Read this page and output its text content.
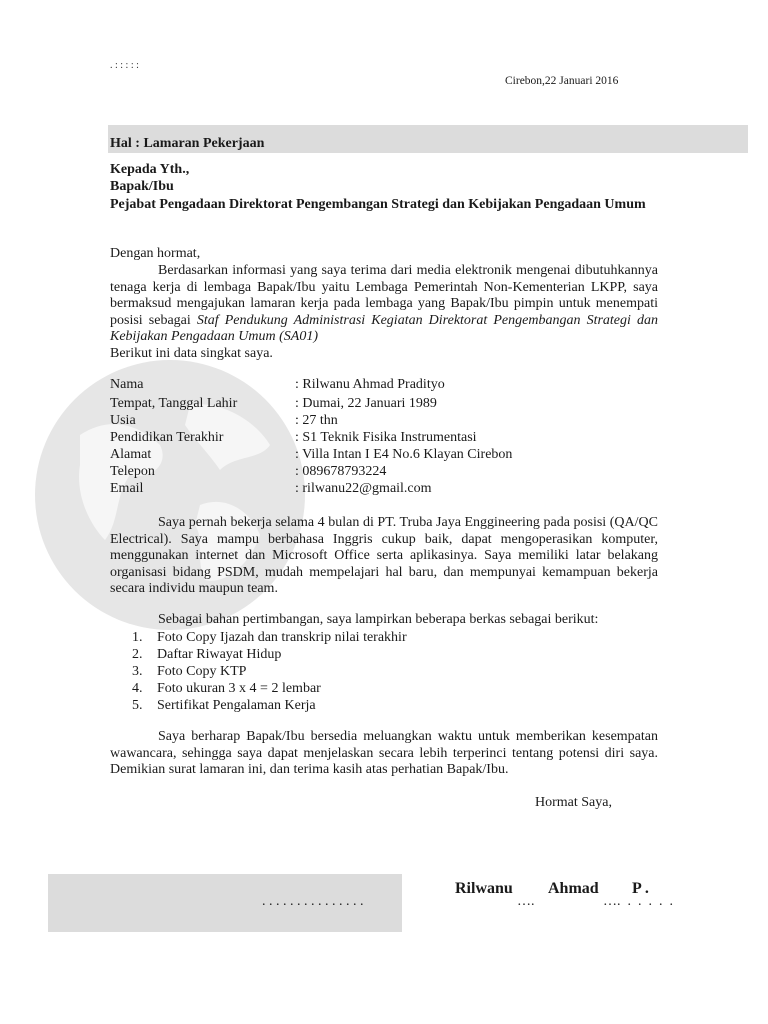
. : : : : :
Cirebon,22 Januari 2016
Hal : Lamaran Pekerjaan
Kepada Yth.,
Bapak/Ibu
Pejabat Pengadaan Direktorat Pengembangan Strategi dan Kebijakan Pengadaan Umum
Dengan hormat,
Berdasarkan informasi yang saya terima dari media elektronik mengenai dibutuhkannya tenaga kerja di lembaga Bapak/Ibu yaitu Lembaga Pemerintah Non-Kementerian LKPP, saya bermaksud mengajukan lamaran kerja pada lembaga yang Bapak/Ibu pimpin untuk menempati posisi sebagai Staf Pendukung Administrasi Kegiatan Direktorat Pengembangan Strategi dan Kebijakan Pengadaan Umum (SA01)
Berikut ini data singkat saya.
Nama	: Rilwanu Ahmad Pradityo
Tempat, Tanggal Lahir	: Dumai, 22 Januari 1989
Usia	: 27 thn
Pendidikan Terakhir	: S1 Teknik Fisika Instrumentasi
Alamat	: Villa Intan I E4 No.6 Klayan Cirebon
Telepon	: 089678793224
Email	: rilwanu22@gmail.com
Saya pernah bekerja selama 4 bulan di PT. Truba Jaya Enggineering pada posisi (QA/QC Electrical). Saya mampu berbahasa Inggris cukup baik, dapat mengoperasikan komputer, menggunakan internet dan Microsoft Office serta aplikasinya. Saya memiliki latar belakang organisasi bidang PSDM, mudah mempelajari hal baru, dan mempunyai kemampuan bekerja secara individu maupun team.
Sebagai bahan pertimbangan, saya lampirkan beberapa berkas sebagai berikut:
1. Foto Copy Ijazah dan transkrip nilai terakhir
2. Daftar Riwayat Hidup
3. Foto Copy KTP
4. Foto ukuran 3 x 4 = 2 lembar
5. Sertifikat Pengalaman Kerja
Saya berharap Bapak/Ibu bersedia meluangkan waktu untuk memberikan kesempatan wawancara, sehingga saya dapat menjelaskan secara lebih terperinci tentang potensi diri saya. Demikian surat lamaran ini, dan terima kasih atas perhatian Bapak/Ibu.
Hormat Saya,
Rilwanu Ahmad P .
. . . . . . . . . . . . . . .	….	….  .  .  .  .  .
